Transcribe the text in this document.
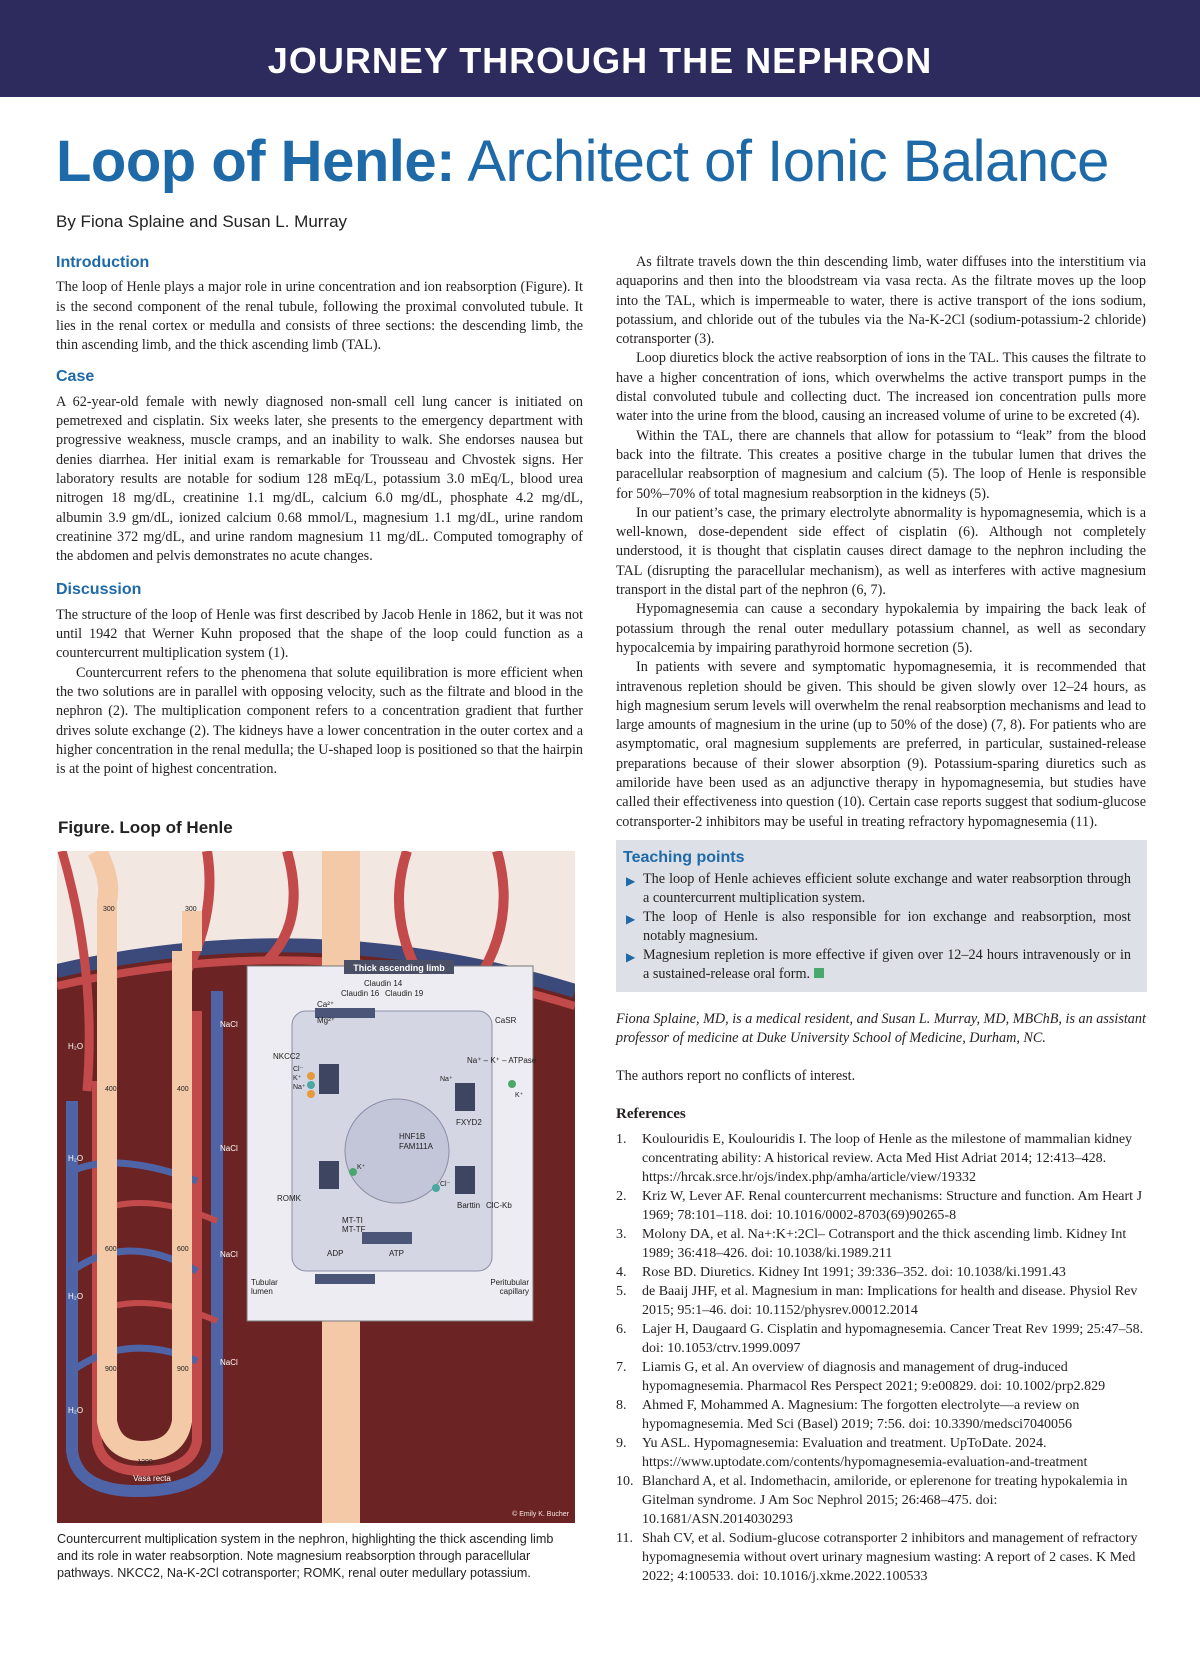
JOURNEY THROUGH THE NEPHRON
Loop of Henle: Architect of Ionic Balance
By Fiona Splaine and Susan L. Murray
Introduction

The loop of Henle plays a major role in urine concentration and ion reabsorption (Figure). It is the second component of the renal tubule, following the proximal convoluted tubule. It lies in the renal cortex or medulla and consists of three sections: the descending limb, the thin ascending limb, and the thick ascending limb (TAL).

Case

A 62-year-old female with newly diagnosed non-small cell lung cancer is initiated on pemetrexed and cisplatin. Six weeks later, she presents to the emergency department with progressive weakness, muscle cramps, and an inability to walk. She endorses nausea but denies diarrhea. Her initial exam is remarkable for Trousseau and Chvostek signs. Her laboratory results are notable for sodium 128 mEq/L, potassium 3.0 mEq/L, blood urea nitrogen 18 mg/dL, creatinine 1.1 mg/dL, calcium 6.0 mg/dL, phosphate 4.2 mg/dL, albumin 3.9 gm/dL, ionized calcium 0.68 mmol/L, magnesium 1.1 mg/dL, urine random creatinine 372 mg/dL, and urine random magnesium 11 mg/dL. Computed tomography of the abdomen and pelvis demonstrates no acute changes.

Discussion

The structure of the loop of Henle was first described by Jacob Henle in 1862, but it was not until 1942 that Werner Kuhn proposed that the shape of the loop could function as a countercurrent multiplication system (1).

Countercurrent refers to the phenomena that solute equilibration is more efficient when the two solutions are in parallel with opposing velocity, such as the filtrate and blood in the nephron (2). The multiplication component refers to a concentration gradient that further drives solute exchange (2). The kidneys have a lower concentration in the outer cortex and a higher concentration in the renal medulla; the U-shaped loop is positioned so that the hairpin is at the point of highest concentration.

As filtrate travels down the thin descending limb, water diffuses into the interstitium via aquaporins and then into the bloodstream via vasa recta. As the filtrate moves up the loop into the TAL, which is impermeable to water, there is active transport of the ions sodium, potassium, and chloride out of the tubules via the Na-K-2Cl (sodium-potassium-2 chloride) cotransporter (3).

Loop diuretics block the active reabsorption of ions in the TAL. This causes the filtrate to have a higher concentration of ions, which overwhelms the active transport pumps in the distal convoluted tubule and collecting duct. The increased ion concentration pulls more water into the urine from the blood, causing an increased volume of urine to be excreted (4).

Within the TAL, there are channels that allow for potassium to “leak” from the blood back into the filtrate. This creates a positive charge in the tubular lumen that drives the paracellular reabsorption of magnesium and calcium (5). The loop of Henle is responsible for 50%–70% of total magnesium reabsorption in the kidneys (5).

In our patient’s case, the primary electrolyte abnormality is hypomagnesemia, which is a well-known, dose-dependent side effect of cisplatin (6). Although not completely understood, it is thought that cisplatin causes direct damage to the nephron including the TAL (disrupting the paracellular mechanism), as well as interferes with active magnesium transport in the distal part of the nephron (6, 7).

Hypomagnesemia can cause a secondary hypokalemia by impairing the back leak of potassium through the renal outer medullary potassium channel, as well as secondary hypocalcemia by impairing parathyroid hormone secretion (5).

In patients with severe and symptomatic hypomagnesemia, it is recommended that intravenous repletion should be given. This should be given slowly over 12–24 hours, as high magnesium serum levels will overwhelm the renal reabsorption mechanisms and lead to large amounts of magnesium in the urine (up to 50% of the dose) (7, 8). For patients who are asymptomatic, oral magnesium supplements are preferred, in particular, sustained-release preparations because of their slower absorption (9). Potassium-sparing diuretics such as amiloride have been used as an adjunctive therapy in hypomagnesemia, but studies have called their effectiveness into question (10). Certain case reports suggest that sodium-glucose cotransporter-2 inhibitors may be useful in treating refractory hypomagnesemia (11).

Figure. Loop of Henle
Thick ascending limb
Claudin 14
Claudin 16 Claudin 19
Ca²⁺
Mg²⁺	CaSR
NKCC2
Cl⁻
K⁺
Na⁺
Na⁺ – K⁺ – ATPase
Na⁺
K⁺
HNF1B
FAM111A
FXYD2
ROMK
K⁺
Cl⁻
Barttin ClC-Kb
MT-TI
MT-TF
ADP	ATP
Tubular
lumen
Peritubular
capillary
300	300
400	400
600	600
900	900
1200
Vasa recta
H₂O
H₂O
H₂O
H₂O
NaCl
NaCl
NaCl
NaCl
© Emily K. Bucher
Countercurrent multiplication system in the nephron, highlighting the thick ascending limb and its role in water reabsorption. Note magnesium reabsorption through paracellular pathways. NKCC2, Na-K-2Cl cotransporter; ROMK, renal outer medullary potassium.
Teaching points
▶ The loop of Henle achieves efficient solute exchange and water reabsorption through a countercurrent multiplication system.
▶ The loop of Henle is also responsible for ion exchange and reabsorption, most notably magnesium.
▶ Magnesium repletion is more effective if given over 12–24 hours intravenously or in a sustained-release oral form.
Fiona Splaine, MD, is a medical resident, and Susan L. Murray, MD, MBChB, is an assistant professor of medicine at Duke University School of Medicine, Durham, NC.
The authors report no conflicts of interest.
References
1. Koulouridis E, Koulouridis I. The loop of Henle as the milestone of mammalian kidney concentrating ability: A historical review. Acta Med Hist Adriat 2014; 12:413–428. https://hrcak.srce.hr/ojs/index.php/amha/article/view/19332
2. Kriz W, Lever AF. Renal countercurrent mechanisms: Structure and function. Am Heart J 1969; 78:101–118. doi: 10.1016/0002-8703(69)90265-8
3. Molony DA, et al. Na+:K+:2Cl– Cotransport and the thick ascending limb. Kidney Int 1989; 36:418–426. doi: 10.1038/ki.1989.211
4. Rose BD. Diuretics. Kidney Int 1991; 39:336–352. doi: 10.1038/ki.1991.43
5. de Baaij JHF, et al. Magnesium in man: Implications for health and disease. Physiol Rev 2015; 95:1–46. doi: 10.1152/physrev.00012.2014
6. Lajer H, Daugaard G. Cisplatin and hypomagnesemia. Cancer Treat Rev 1999; 25:47–58. doi: 10.1053/ctrv.1999.0097
7. Liamis G, et al. An overview of diagnosis and management of drug-induced hypomagnesemia. Pharmacol Res Perspect 2021; 9:e00829. doi: 10.1002/prp2.829
8. Ahmed F, Mohammed A. Magnesium: The forgotten electrolyte—a review on hypomagnesemia. Med Sci (Basel) 2019; 7:56. doi: 10.3390/medsci7040056
9. Yu ASL. Hypomagnesemia: Evaluation and treatment. UpToDate. 2024. https://www.uptodate.com/contents/hypomagnesemia-evaluation-and-treatment
10. Blanchard A, et al. Indomethacin, amiloride, or eplerenone for treating hypokalemia in Gitelman syndrome. J Am Soc Nephrol 2015; 26:468–475. doi: 10.1681/ASN.2014030293
11. Shah CV, et al. Sodium-glucose cotransporter 2 inhibitors and management of refractory hypomagnesemia without overt urinary magnesium wasting: A report of 2 cases. K Med 2022; 4:100533. doi: 10.1016/j.xkme.2022.100533
